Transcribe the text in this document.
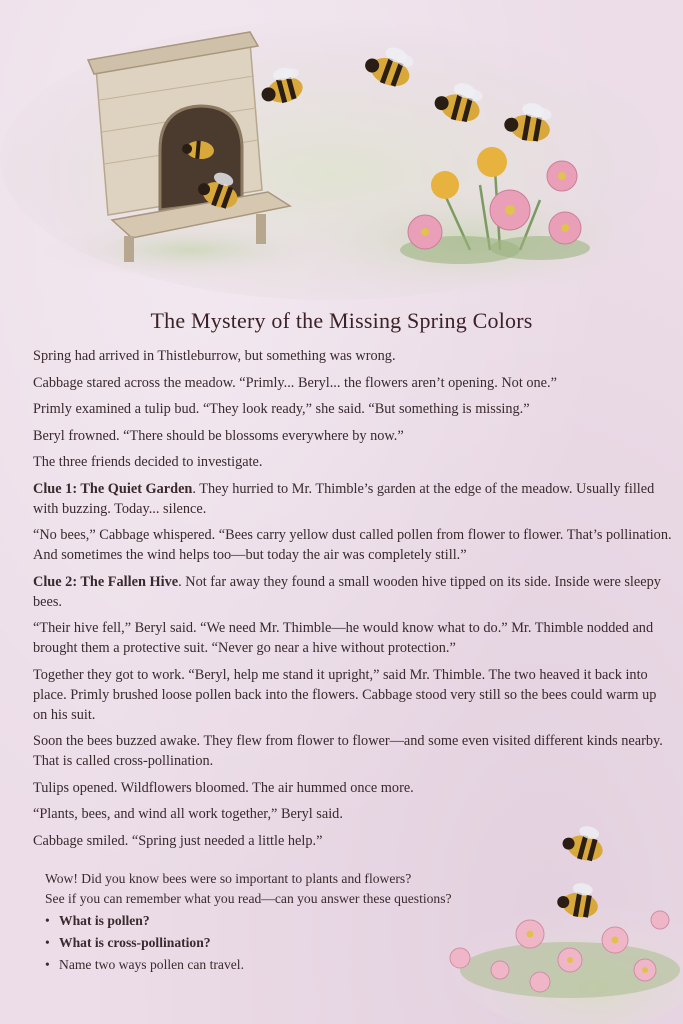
The Mystery of the Missing Spring Colors

Spring had arrived in Thistleburrow, but something was wrong.

Cabbage stared across the meadow. “Primly... Beryl... the flowers aren’t opening. Not one.”

Primly examined a tulip bud. “They look ready,” she said. “But something is missing.”

Beryl frowned. “There should be blossoms everywhere by now.”

The three friends decided to investigate.

Clue 1: The Quiet Garden. They hurried to Mr. Thimble’s garden at the edge of the meadow. Usually filled with buzzing. Today... silence.

“No bees,” Cabbage whispered. “Bees carry yellow dust called pollen from flower to flower. That’s pollination. And sometimes the wind helps too—but today the air was completely still.”

Clue 2: The Fallen Hive. Not far away they found a small wooden hive tipped on its side. Inside were sleepy bees.

“Their hive fell,” Beryl said. “We need Mr. Thimble—he would know what to do.” Mr. Thimble nodded and brought them a protective suit. “Never go near a hive without protection.”

Together they got to work. “Beryl, help me stand it upright,” said Mr. Thimble. The two heaved it back into place. Primly brushed loose pollen back into the flowers. Cabbage stood very still so the bees could warm up on his suit.

Soon the bees buzzed awake. They flew from flower to flower—and some even visited different kinds nearby. That is called cross-pollination.

Tulips opened. Wildflowers bloomed. The air hummed once more.

“Plants, bees, and wind all work together,” Beryl said.

Cabbage smiled. “Spring just needed a little help.”

Wow! Did you know bees were so important to plants and flowers?

See if you can remember what you read—can you answer these questions?

• What is pollen?
• What is cross-pollination?
• Name two ways pollen can travel.
